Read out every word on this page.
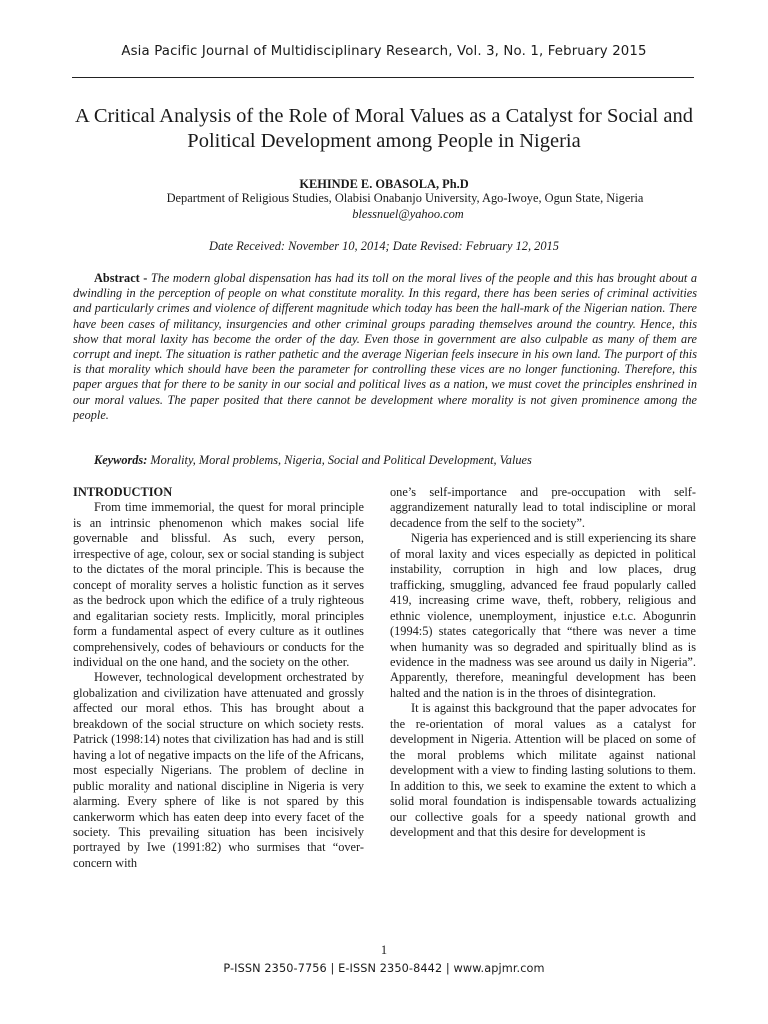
Asia Pacific Journal of Multidisciplinary Research, Vol. 3, No. 1, February 2015
A Critical Analysis of the Role of Moral Values as a Catalyst for Social and Political Development among People in Nigeria
KEHINDE E. OBASOLA, Ph.D
Department of Religious Studies, Olabisi Onabanjo University, Ago-Iwoye, Ogun State, Nigeria
blessnuel@yahoo.com
Date Received: November 10, 2014; Date Revised: February 12, 2015

Abstract - The modern global dispensation has had its toll on the moral lives of the people and this has brought about a dwindling in the perception of people on what constitute morality. In this regard, there has been series of criminal activities and particularly crimes and violence of different magnitude which today has been the hall-mark of the Nigerian nation. There have been cases of militancy, insurgencies and other criminal groups parading themselves around the country. Hence, this show that moral laxity has become the order of the day. Even those in government are also culpable as many of them are corrupt and inept. The situation is rather pathetic and the average Nigerian feels insecure in his own land. The purport of this is that morality which should have been the parameter for controlling these vices are no longer functioning. Therefore, this paper argues that for there to be sanity in our social and political lives as a nation, we must covet the principles enshrined in our moral values. The paper posited that there cannot be development where morality is not given prominence among the people.

Keywords: Morality, Moral problems, Nigeria, Social and Political Development, Values

INTRODUCTION

From time immemorial, the quest for moral principle is an intrinsic phenomenon which makes social life governable and blissful. As such, every person, irrespective of age, colour, sex or social standing is subject to the dictates of the moral principle. This is because the concept of morality serves a holistic function as it serves as the bedrock upon which the edifice of a truly righteous and egalitarian society rests. Implicitly, moral principles form a fundamental aspect of every culture as it outlines comprehensively, codes of behaviours or conducts for the individual on the one hand, and the society on the other.

However, technological development orchestrated by globalization and civilization have attenuated and grossly affected our moral ethos. This has brought about a breakdown of the social structure on which society rests. Patrick (1998:14) notes that civilization has had and is still having a lot of negative impacts on the life of the Africans, most especially Nigerians. The problem of decline in public morality and national discipline in Nigeria is very alarming. Every sphere of like is not spared by this cankerworm which has eaten deep into every facet of the society. This prevailing situation has been incisively portrayed by Iwe (1991:82) who surmises that “over-concern with

one’s self-importance and pre-occupation with self-aggrandizement naturally lead to total indiscipline or moral decadence from the self to the society”.

Nigeria has experienced and is still experiencing its share of moral laxity and vices especially as depicted in political instability, corruption in high and low places, drug trafficking, smuggling, advanced fee fraud popularly called 419, increasing crime wave, theft, robbery, religious and ethnic violence, unemployment, injustice e.t.c. Abogunrin (1994:5) states categorically that “there was never a time when humanity was so degraded and spiritually blind as is evidence in the madness was see around us daily in Nigeria”. Apparently, therefore, meaningful development has been halted and the nation is in the throes of disintegration.

It is against this background that the paper advocates for the re-orientation of moral values as a catalyst for development in Nigeria. Attention will be placed on some of the moral problems which militate against national development with a view to finding lasting solutions to them. In addition to this, we seek to examine the extent to which a solid moral foundation is indispensable towards actualizing our collective goals for a speedy national growth and development and that this desire for development is

1
P-ISSN 2350-7756 | E-ISSN 2350-8442 | www.apjmr.com
